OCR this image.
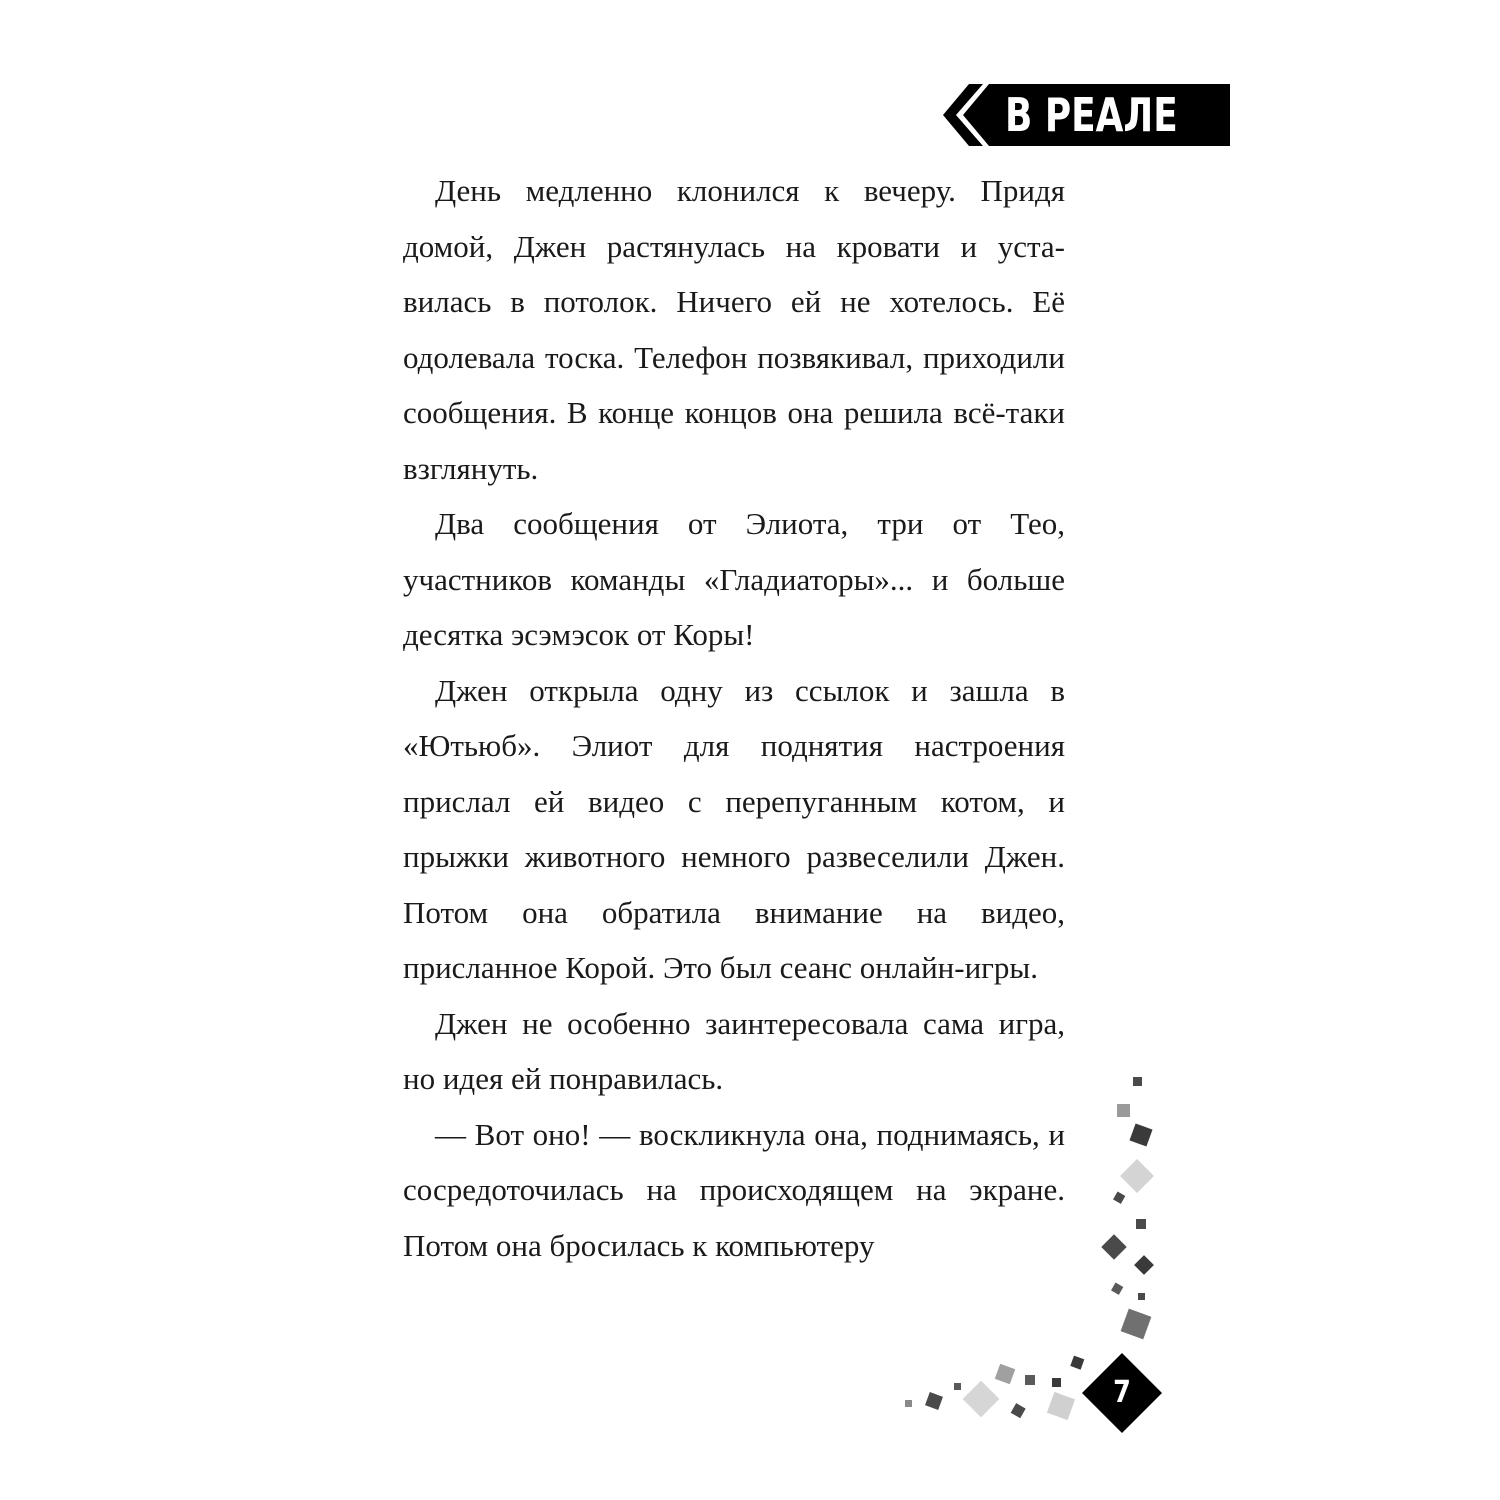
В РЕАЛЕ

День медленно клонился к вечеру. Придя домой, Джен растянулась на кровати и уставилась в потолок. Ничего ей не хотелось. Её одолевала тоска. Телефон позвякивал, приходили сообщения. В конце концов она решила всё-таки взглянуть.

Два сообщения от Элиота, три от Тео, участников команды «Гладиаторы»... и больше десятка эсэмэсок от Коры!

Джен открыла одну из ссылок и зашла в «Ютьюб». Элиот для поднятия настроения прислал ей видео с перепуганным котом, и прыжки животного немного развеселили Джен. Потом она обратила внимание на видео, присланное Корой. Это был сеанс онлайн-игры.

Джен не особенно заинтересовала сама игра, но идея ей понравилась.

— Вот оно! — воскликнула она, поднимаясь, и сосредоточилась на происходящем на экране. Потом она бросилась к компьютеру

7
